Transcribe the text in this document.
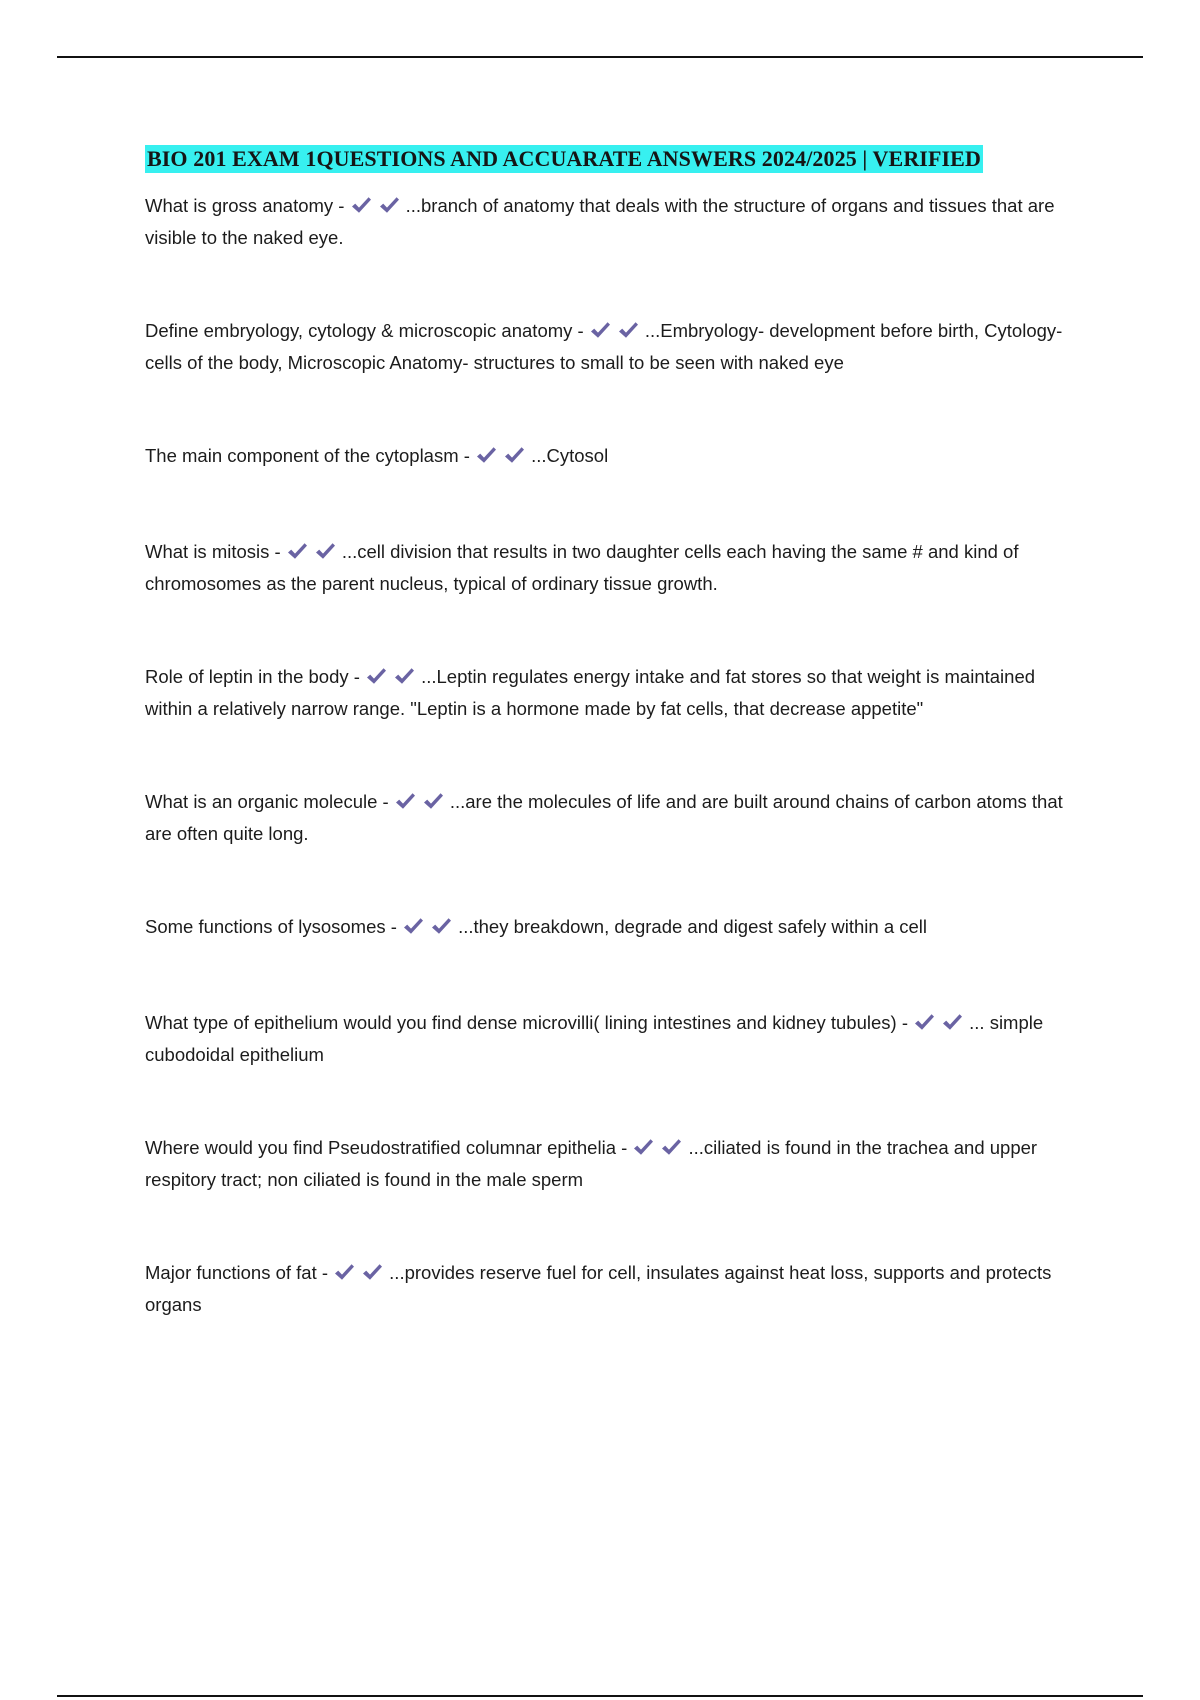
BIO 201 EXAM 1QUESTIONS AND ACCUARATE ANSWERS 2024/2025 | VERIFIED

What is gross anatomy -	...branch of anatomy that deals with the structure of organs and tissues that are visible to the naked eye.

Define embryology, cytology & microscopic anatomy -	...Embryology- development before birth, Cytology- cells of the body, Microscopic Anatomy- structures to small to be seen with naked eye

The main component of the cytoplasm -	...Cytosol

What is mitosis -	...cell division that results in two daughter cells each having the same # and kind of chromosomes as the parent nucleus, typical of ordinary tissue growth.

Role of leptin in the body -	...Leptin regulates energy intake and fat stores so that weight is maintained within a relatively narrow range. "Leptin is a hormone made by fat cells, that decrease appetite"

What is an organic molecule -	...are the molecules of life and are built around chains of carbon atoms that are often quite long.

Some functions of lysosomes -	...they breakdown, degrade and digest safely within a cell

What type of epithelium would you find dense microvilli( lining intestines and kidney tubules) -	... simple cubodoidal epithelium

Where would you find Pseudostratified columnar epithelia -	...ciliated is found in the trachea and upper respitory tract; non ciliated is found in the male sperm

Major functions of fat -	...provides reserve fuel for cell, insulates against heat loss, supports and protects organs
